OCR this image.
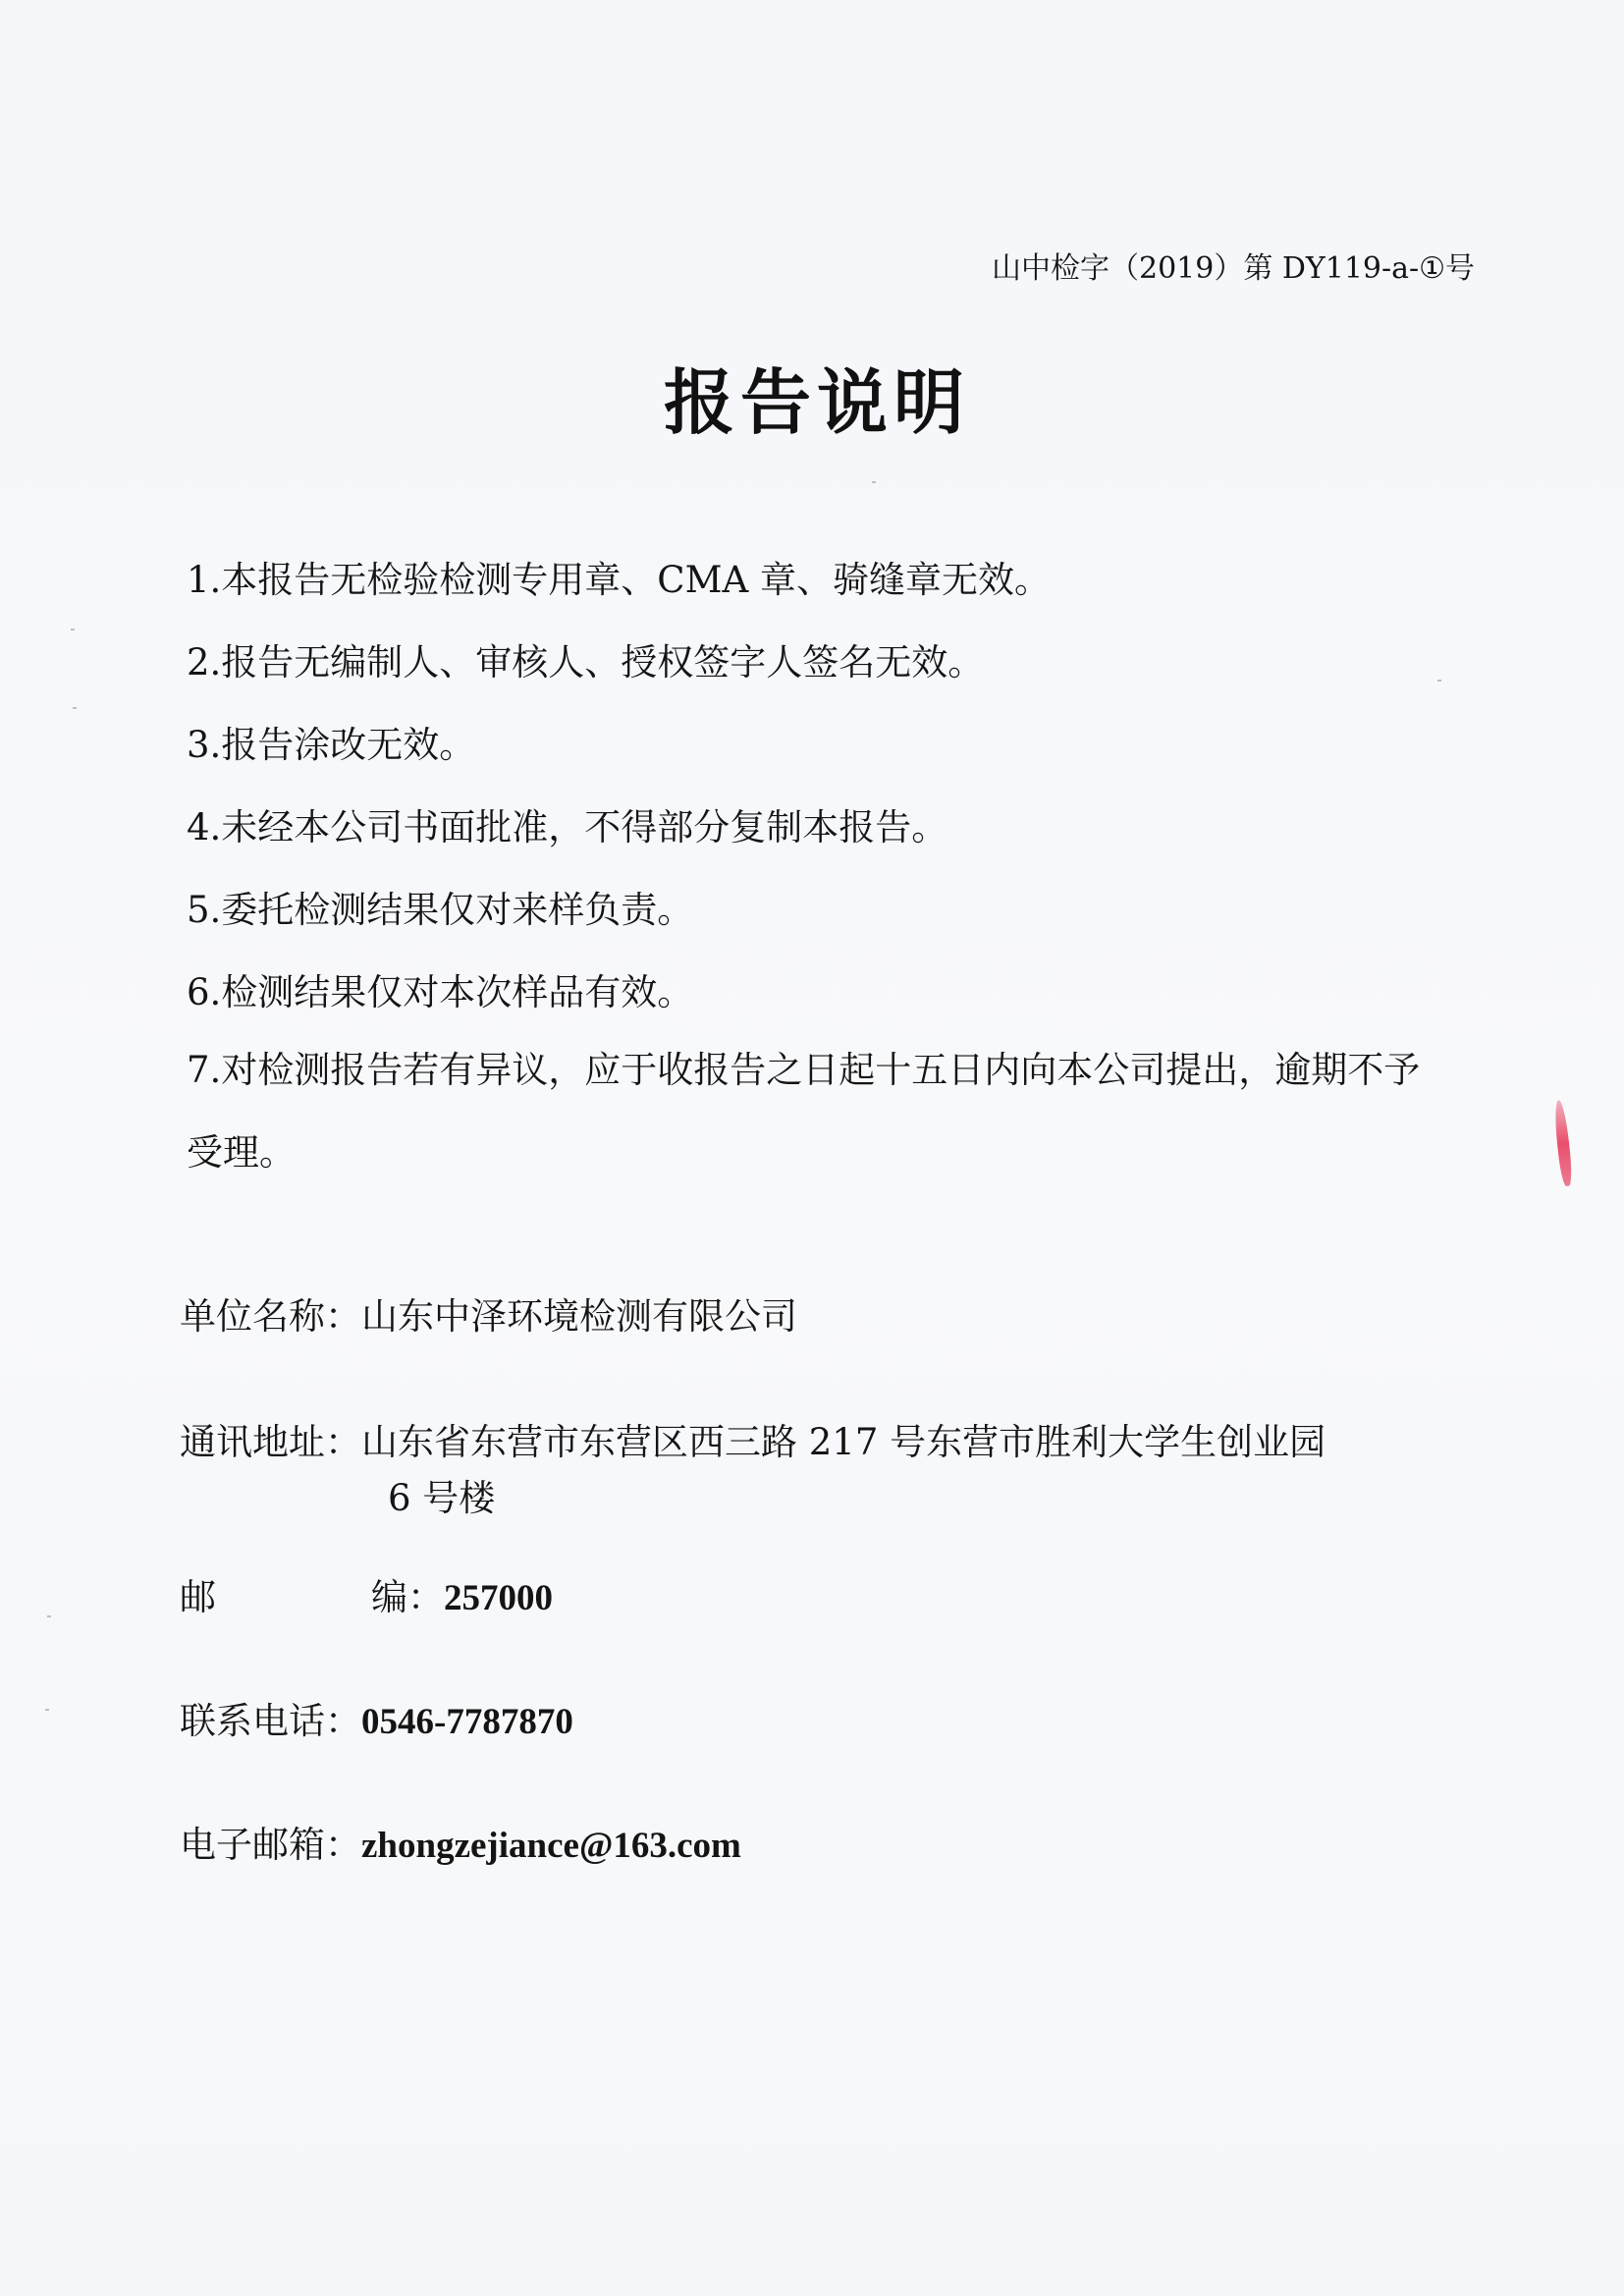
山中检字（2019）第 DY119-a-①号
报告说明
1.本报告无检验检测专用章、CMA 章、骑缝章无效。
2.报告无编制人、审核人、授权签字人签名无效。
3.报告涂改无效。
4.未经本公司书面批准，不得部分复制本报告。
5.委托检测结果仅对来样负责。
6.检测结果仅对本次样品有效。
7.对检测报告若有异议，应于收报告之日起十五日内向本公司提出，逾期不予受理。
单位名称：山东中泽环境检测有限公司
通讯地址：山东省东营市东营区西三路 217 号东营市胜利大学生创业园
6 号楼
邮	编：257000
联系电话：0546-7787870
电子邮箱：zhongzejiance@163.com
